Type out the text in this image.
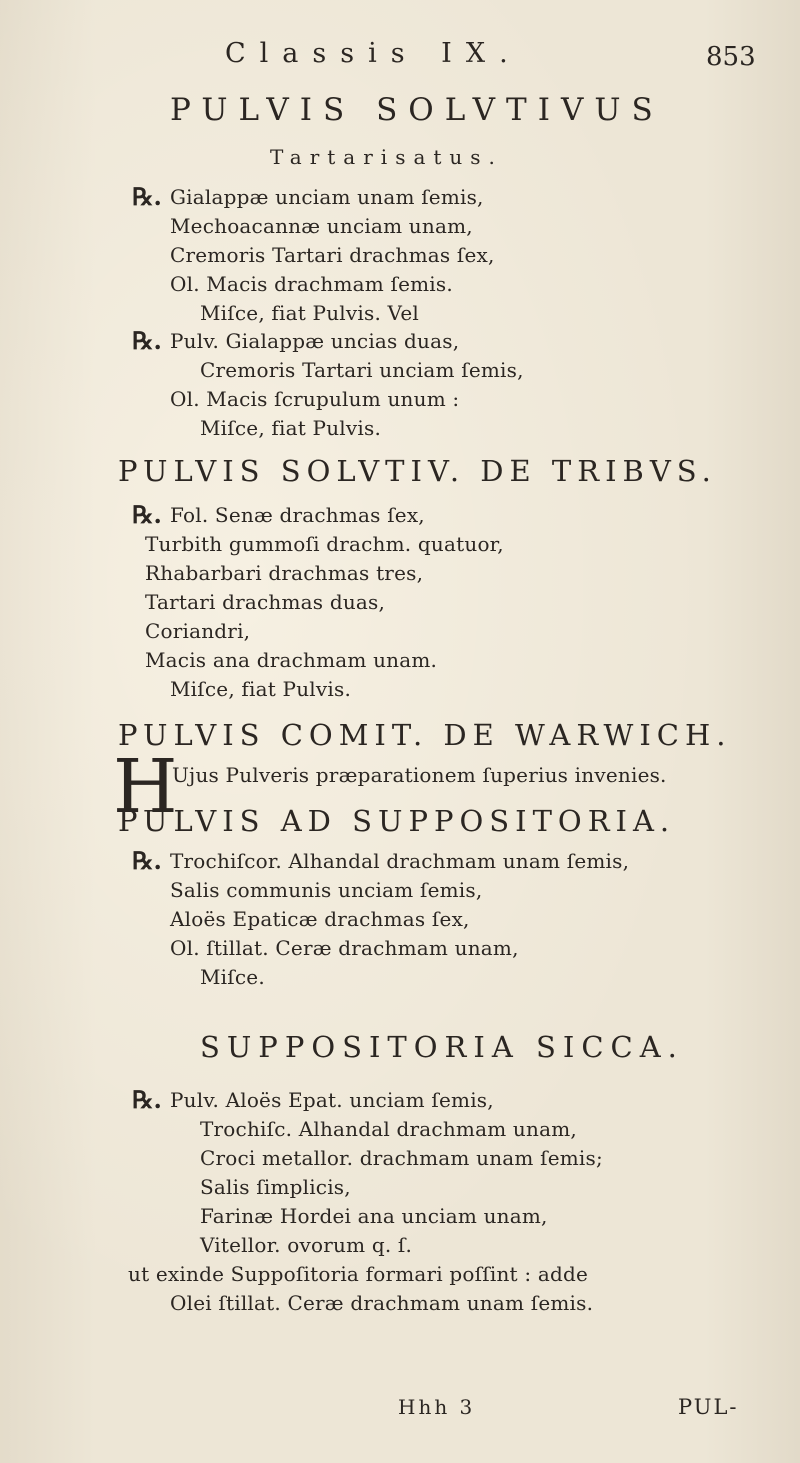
Classis IX.	853
PULVIS SOLVTIVUS
Tartarisatus.
℞. Gialappæ unciam unam ſemis,
Mechoacannæ unciam unam,
Cremoris Tartari drachmas ſex,
Ol. Macis drachmam ſemis.
Miſce, fiat Pulvis. Vel
℞. Pulv. Gialappæ uncias duas,
Cremoris Tartari unciam ſemis,
Ol. Macis ſcrupulum unum :
Miſce, fiat Pulvis.
PULVIS SOLVTIV. DE TRIBVS.
℞. Fol. Senæ drachmas ſex,
Turbith gummoſi drachm. quatuor,
Rhabarbari drachmas tres,
Tartari drachmas duas,
Coriandri,
Macis ana drachmam unam.
Miſce, fiat Pulvis.
PULVIS COMIT. DE WARWICH.
H
Ujus Pulveris præparationem ſuperius invenies.
PULVIS AD SUPPOSITORIA.
℞. Trochiſcor. Alhandal drachmam unam ſemis,
Salis communis unciam ſemis,
Aloës Epaticæ drachmas ſex,
Ol. ſtillat. Ceræ drachmam unam,
Miſce.
SUPPOSITORIA SICCA.
℞. Pulv. Aloës Epat. unciam ſemis,
Trochiſc. Alhandal drachmam unam,
Croci metallor. drachmam unam ſemis;
Salis ſimplicis,
Farinæ Hordei ana unciam unam,
Vitellor. ovorum q. ſ.
ut exinde Suppoſitoria formari poſſint : adde
Olei ſtillat. Ceræ drachmam unam ſemis.
Hhh 3	PUL-
